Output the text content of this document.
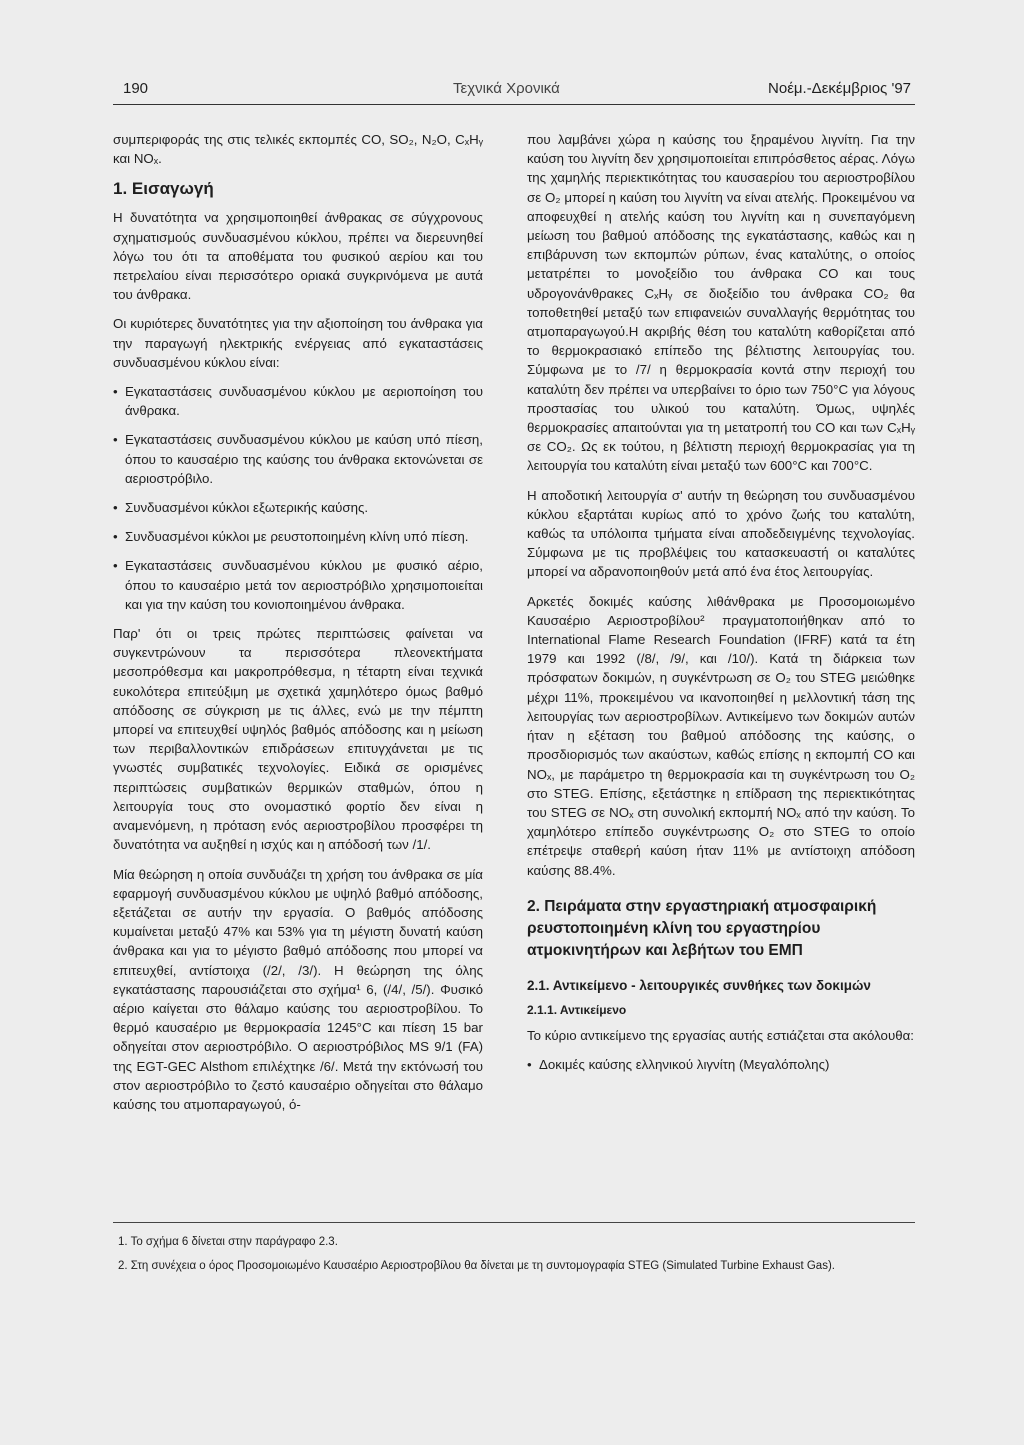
190	Τεχνικά Χρονικά	Νοέμ.-Δεκέμβριος '97

συμπεριφοράς της στις τελικές εκπομπές CO, SO₂, N₂O, CₓHᵧ και NOₓ.

1. Εισαγωγή

Η δυνατότητα να χρησιμοποιηθεί άνθρακας σε σύγχρονους σχηματισμούς συνδυασμένου κύκλου, πρέπει να διερευνηθεί λόγω του ότι τα αποθέματα του φυσικού αερίου και του πετρελαίου είναι περισσότερο οριακά συγκρινόμενα με αυτά του άνθρακα.

Οι κυριότερες δυνατότητες για την αξιοποίηση του άνθρακα για την παραγωγή ηλεκτρικής ενέργειας από εγκαταστάσεις συνδυασμένου κύκλου είναι:

• Εγκαταστάσεις συνδυασμένου κύκλου με αεριοποίηση του άνθρακα.
• Εγκαταστάσεις συνδυασμένου κύκλου με καύση υπό πίεση, όπου το καυσαέριο της καύσης του άνθρακα εκτονώνεται σε αεριοστρόβιλο.
• Συνδυασμένοι κύκλοι εξωτερικής καύσης.
• Συνδυασμένοι κύκλοι με ρευστοποιημένη κλίνη υπό πίεση.
• Εγκαταστάσεις συνδυασμένου κύκλου με φυσικό αέριο, όπου το καυσαέριο μετά τον αεριοστρόβιλο χρησιμοποιείται και για την καύση του κονιοποιημένου άνθρακα.

Παρ' ότι οι τρεις πρώτες περιπτώσεις φαίνεται να συγκεντρώνουν τα περισσότερα πλεονεκτήματα μεσοπρόθεσμα και μακροπρόθεσμα, η τέταρτη είναι τεχνικά ευκολότερα επιτεύξιμη με σχετικά χαμηλότερο όμως βαθμό απόδοσης σε σύγκριση με τις άλλες, ενώ με την πέμπτη μπορεί να επιτευχθεί υψηλός βαθμός απόδοσης και η μείωση των περιβαλλοντικών επιδράσεων επιτυγχάνεται με τις γνωστές συμβατικές τεχνολογίες. Ειδικά σε ορισμένες περιπτώσεις συμβατικών θερμικών σταθμών, όπου η λειτουργία τους στο ονομαστικό φορτίο δεν είναι η αναμενόμενη, η πρόταση ενός αεριοστροβίλου προσφέρει τη δυνατότητα να αυξηθεί η ισχύς και η απόδοσή των /1/.

Μία θεώρηση η οποία συνδυάζει τη χρήση του άνθρακα σε μία εφαρμογή συνδυασμένου κύκλου με υψηλό βαθμό απόδοσης, εξετάζεται σε αυτήν την εργασία. Ο βαθμός απόδοσης κυμαίνεται μεταξύ 47% και 53% για τη μέγιστη δυνατή καύση άνθρακα και για το μέγιστο βαθμό απόδοσης που μπορεί να επιτευχθεί, αντίστοιχα (/2/, /3/). Η θεώρηση της όλης εγκατάστασης παρουσιάζεται στο σχήμα¹ 6, (/4/, /5/). Φυσικό αέριο καίγεται στο θάλαμο καύσης του αεριοστροβίλου. Το θερμό καυσαέριο με θερμοκρασία 1245°C και πίεση 15 bar οδηγείται στον αεριοστρόβιλο. Ο αεριοστρόβιλος MS 9/1 (FA) της EGT-GEC Alsthom επιλέχτηκε /6/. Μετά την εκτόνωσή του στον αεριοστρόβιλο το ζεστό καυσαέριο οδηγείται στο θάλαμο καύσης του ατμοπαραγωγού, ό-

που λαμβάνει χώρα η καύσης του ξηραμένου λιγνίτη. Για την καύση του λιγνίτη δεν χρησιμοποιείται επιπρόσθετος αέρας. Λόγω της χαμηλής περιεκτικότητας του καυσαερίου του αεριοστροβίλου σε O₂ μπορεί η καύση του λιγνίτη να είναι ατελής. Προκειμένου να αποφευχθεί η ατελής καύση του λιγνίτη και η συνεπαγόμενη μείωση του βαθμού απόδοσης της εγκατάστασης, καθώς και η επιβάρυνση των εκπομπών ρύπων, ένας καταλύτης, ο οποίος μετατρέπει το μονοξείδιο του άνθρακα CO και τους υδρογονάνθρακες CₓHᵧ σε διοξείδιο του άνθρακα CO₂ θα τοποθετηθεί μεταξύ των επιφανειών συναλλαγής θερμότητας του ατμοπαραγωγού.Η ακριβής θέση του καταλύτη καθορίζεται από το θερμοκρασιακό επίπεδο της βέλτιστης λειτουργίας του. Σύμφωνα με το /7/ η θερμοκρασία κοντά στην περιοχή του καταλύτη δεν πρέπει να υπερβαίνει το όριο των 750°C για λόγους προστασίας του υλικού του καταλύτη. Όμως, υψηλές θερμοκρασίες απαιτούνται για τη μετατροπή του CO και των CₓHᵧ σε CO₂. Ως εκ τούτου, η βέλτιστη περιοχή θερμοκρασίας για τη λειτουργία του καταλύτη είναι μεταξύ των 600°C και 700°C.

Η αποδοτική λειτουργία σ' αυτήν τη θεώρηση του συνδυασμένου κύκλου εξαρτάται κυρίως από το χρόνο ζωής του καταλύτη, καθώς τα υπόλοιπα τμήματα είναι αποδεδειγμένης τεχνολογίας. Σύμφωνα με τις προβλέψεις του κατασκευαστή οι καταλύτες μπορεί να αδρανοποιηθούν μετά από ένα έτος λειτουργίας.

Αρκετές δοκιμές καύσης λιθάνθρακα με Προσομοιωμένο Καυσαέριο Αεριοστροβίλου² πραγματοποιήθηκαν από το International Flame Research Foundation (IFRF) κατά τα έτη 1979 και 1992 (/8/, /9/, και /10/). Κατά τη διάρκεια των πρόσφατων δοκιμών, η συγκέντρωση σε O₂ του STEG μειώθηκε μέχρι 11%, προκειμένου να ικανοποιηθεί η μελλοντική τάση της λειτουργίας των αεριοστροβίλων. Αντικείμενο των δοκιμών αυτών ήταν η εξέταση του βαθμού απόδοσης της καύσης, ο προσδιορισμός των ακαύστων, καθώς επίσης η εκπομπή CO και NOₓ, με παράμετρο τη θερμοκρασία και τη συγκέντρωση του O₂ στο STEG. Επίσης, εξετάστηκε η επίδραση της περιεκτικότητας του STEG σε NOₓ στη συνολική εκπομπή NOₓ από την καύση. Το χαμηλότερο επίπεδο συγκέντρωσης O₂ στο STEG το οποίο επέτρεψε σταθερή καύση ήταν 11% με αντίστοιχη απόδοση καύσης 88.4%.

2. Πειράματα στην εργαστηριακή ατμοσφαιρική ρευστοποιημένη κλίνη του εργαστηρίου ατμοκινητήρων και λεβήτων του ΕΜΠ
2.1. Αντικείμενο - λειτουργικές συνθήκες των δοκιμών
2.1.1. Αντικείμενο

Το κύριο αντικείμενο της εργασίας αυτής εστιάζεται στα ακόλουθα:

• Δοκιμές καύσης ελληνικού λιγνίτη (Μεγαλόπολης)

1. Το σχήμα 6 δίνεται στην παράγραφο 2.3.

2. Στη συνέχεια ο όρος Προσομοιωμένο Καυσαέριο Αεριοστροβίλου θα δίνεται με τη συντομογραφία STEG (Simulated Turbine Exhaust Gas).
